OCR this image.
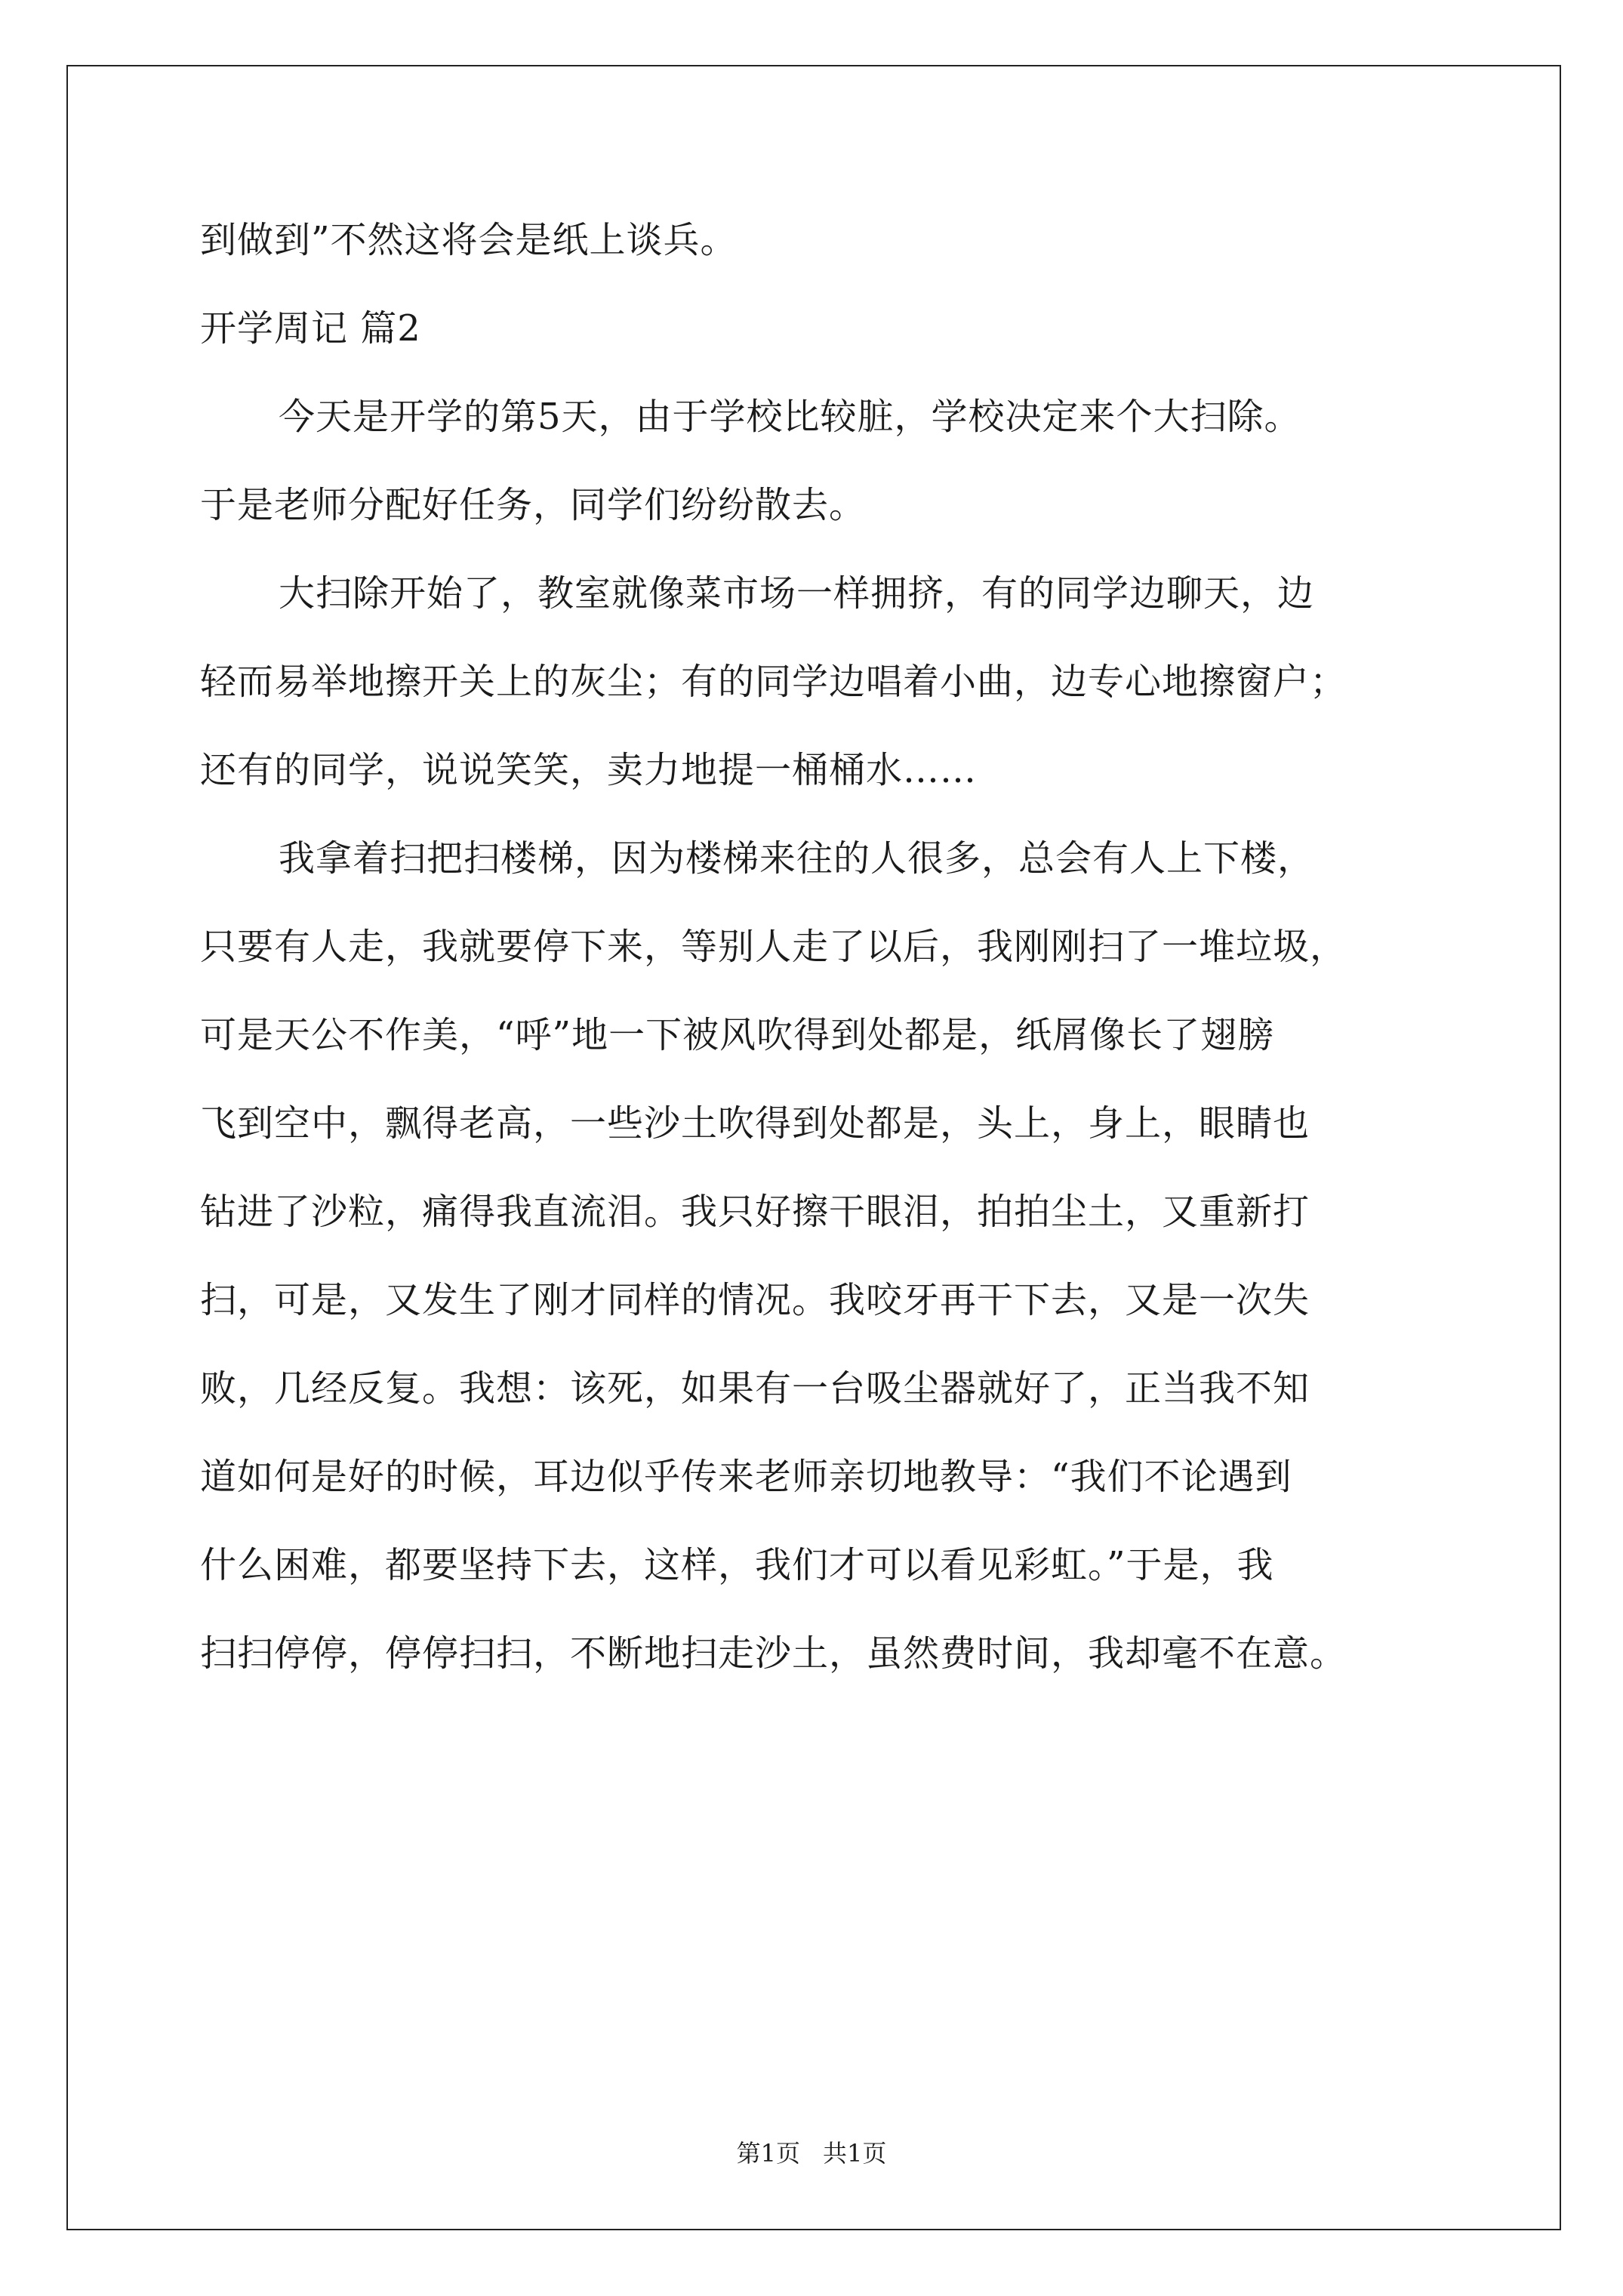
到做到”不然这将会是纸上谈兵。
开学周记 篇2
今天是开学的第5天，由于学校比较脏，学校决定来个大扫除。
于是老师分配好任务，同学们纷纷散去。
大扫除开始了，教室就像菜市场一样拥挤，有的同学边聊天，边
轻而易举地擦开关上的灰尘；有的同学边唱着小曲，边专心地擦窗户；
还有的同学，说说笑笑，卖力地提一桶桶水……
我拿着扫把扫楼梯，因为楼梯来往的人很多，总会有人上下楼，
只要有人走，我就要停下来，等别人走了以后，我刚刚扫了一堆垃圾，
可是天公不作美，“呼”地一下被风吹得到处都是，纸屑像长了翅膀
飞到空中，飘得老高，一些沙土吹得到处都是，头上，身上，眼睛也
钻进了沙粒，痛得我直流泪。我只好擦干眼泪，拍拍尘土，又重新打
扫，可是，又发生了刚才同样的情况。我咬牙再干下去，又是一次失
败，几经反复。我想：该死，如果有一台吸尘器就好了，正当我不知
道如何是好的时候，耳边似乎传来老师亲切地教导：“我们不论遇到
什么困难，都要坚持下去，这样，我们才可以看见彩虹。”于是，我
扫扫停停，停停扫扫，不断地扫走沙土，虽然费时间，我却毫不在意。
第1页 共1页
